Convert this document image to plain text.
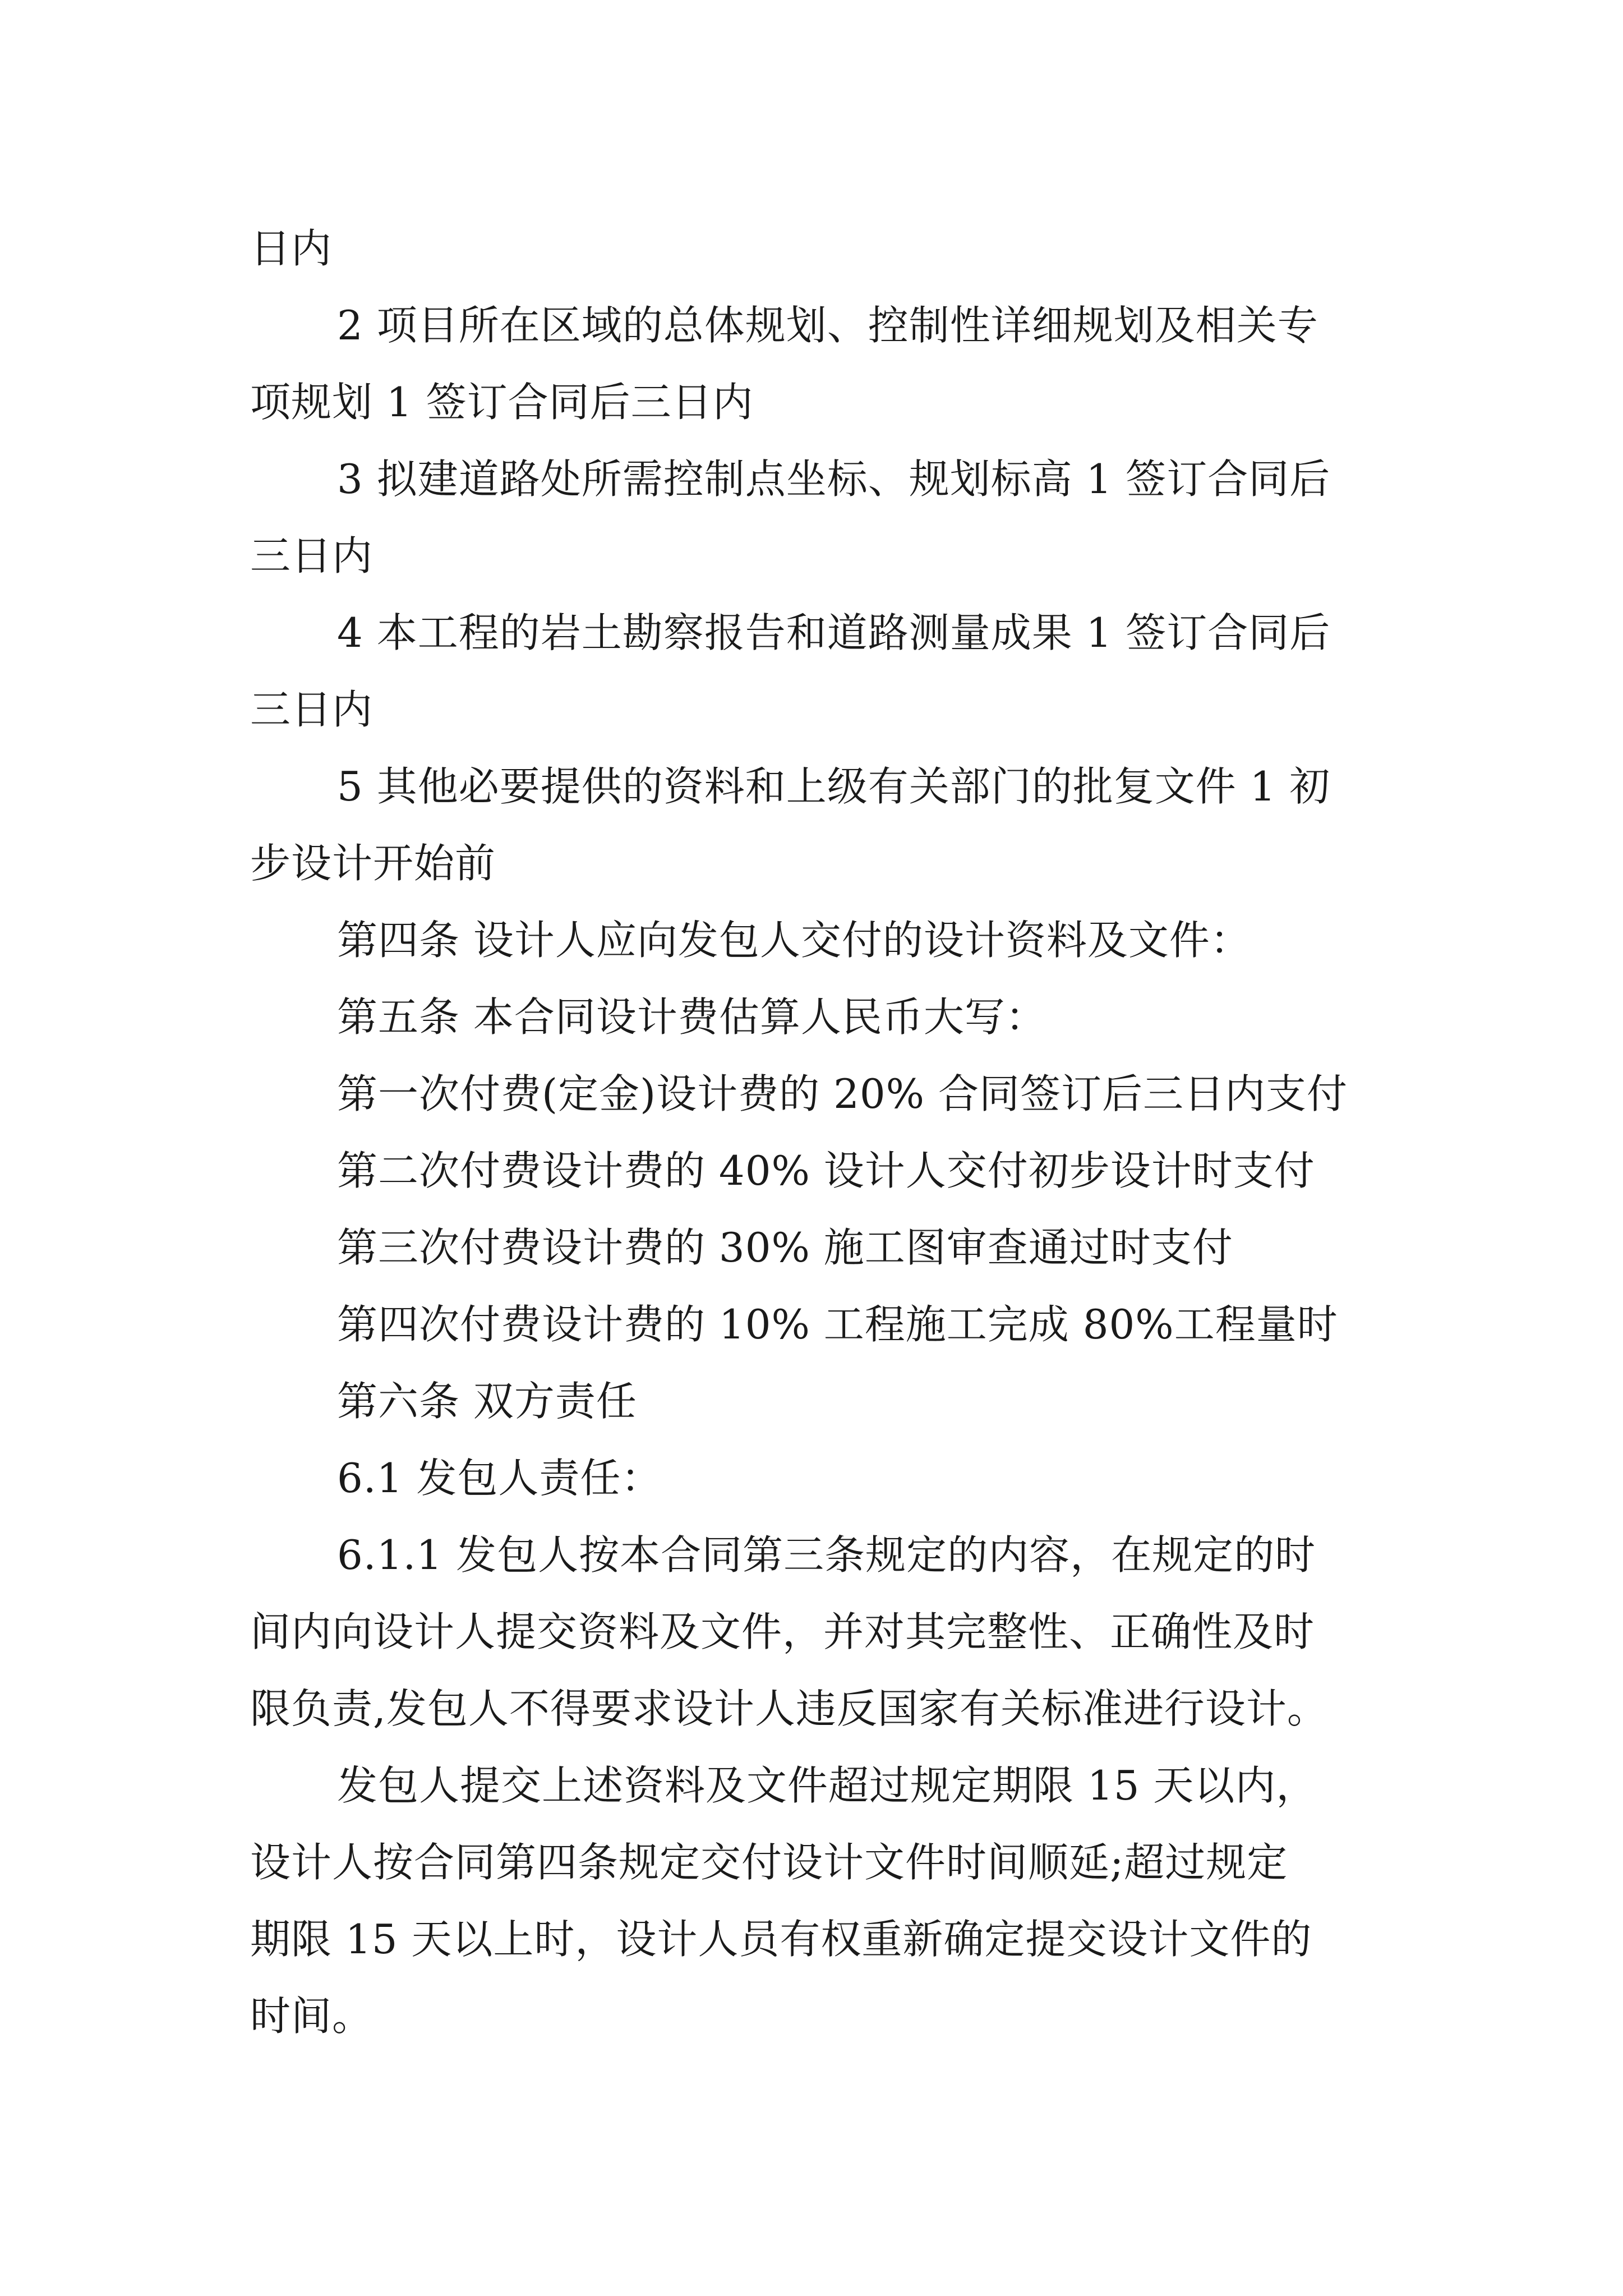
日内
2 项目所在区域的总体规划、控制性详细规划及相关专
项规划 1 签订合同后三日内
3 拟建道路处所需控制点坐标、规划标高 1 签订合同后
三日内
4 本工程的岩土勘察报告和道路测量成果 1 签订合同后
三日内
5 其他必要提供的资料和上级有关部门的批复文件 1 初
步设计开始前
第四条 设计人应向发包人交付的设计资料及文件：
第五条 本合同设计费估算人民币大写：
第一次付费(定金)设计费的 20% 合同签订后三日内支付
第二次付费设计费的 40% 设计人交付初步设计时支付
第三次付费设计费的 30% 施工图审查通过时支付
第四次付费设计费的 10% 工程施工完成 80%工程量时
第六条 双方责任
6.1 发包人责任：
6.1.1 发包人按本合同第三条规定的内容，在规定的时
间内向设计人提交资料及文件，并对其完整性、正确性及时
限负责,发包人不得要求设计人违反国家有关标准进行设计。
发包人提交上述资料及文件超过规定期限 15 天以内，
设计人按合同第四条规定交付设计文件时间顺延;超过规定
期限 15 天以上时，设计人员有权重新确定提交设计文件的
时间。
